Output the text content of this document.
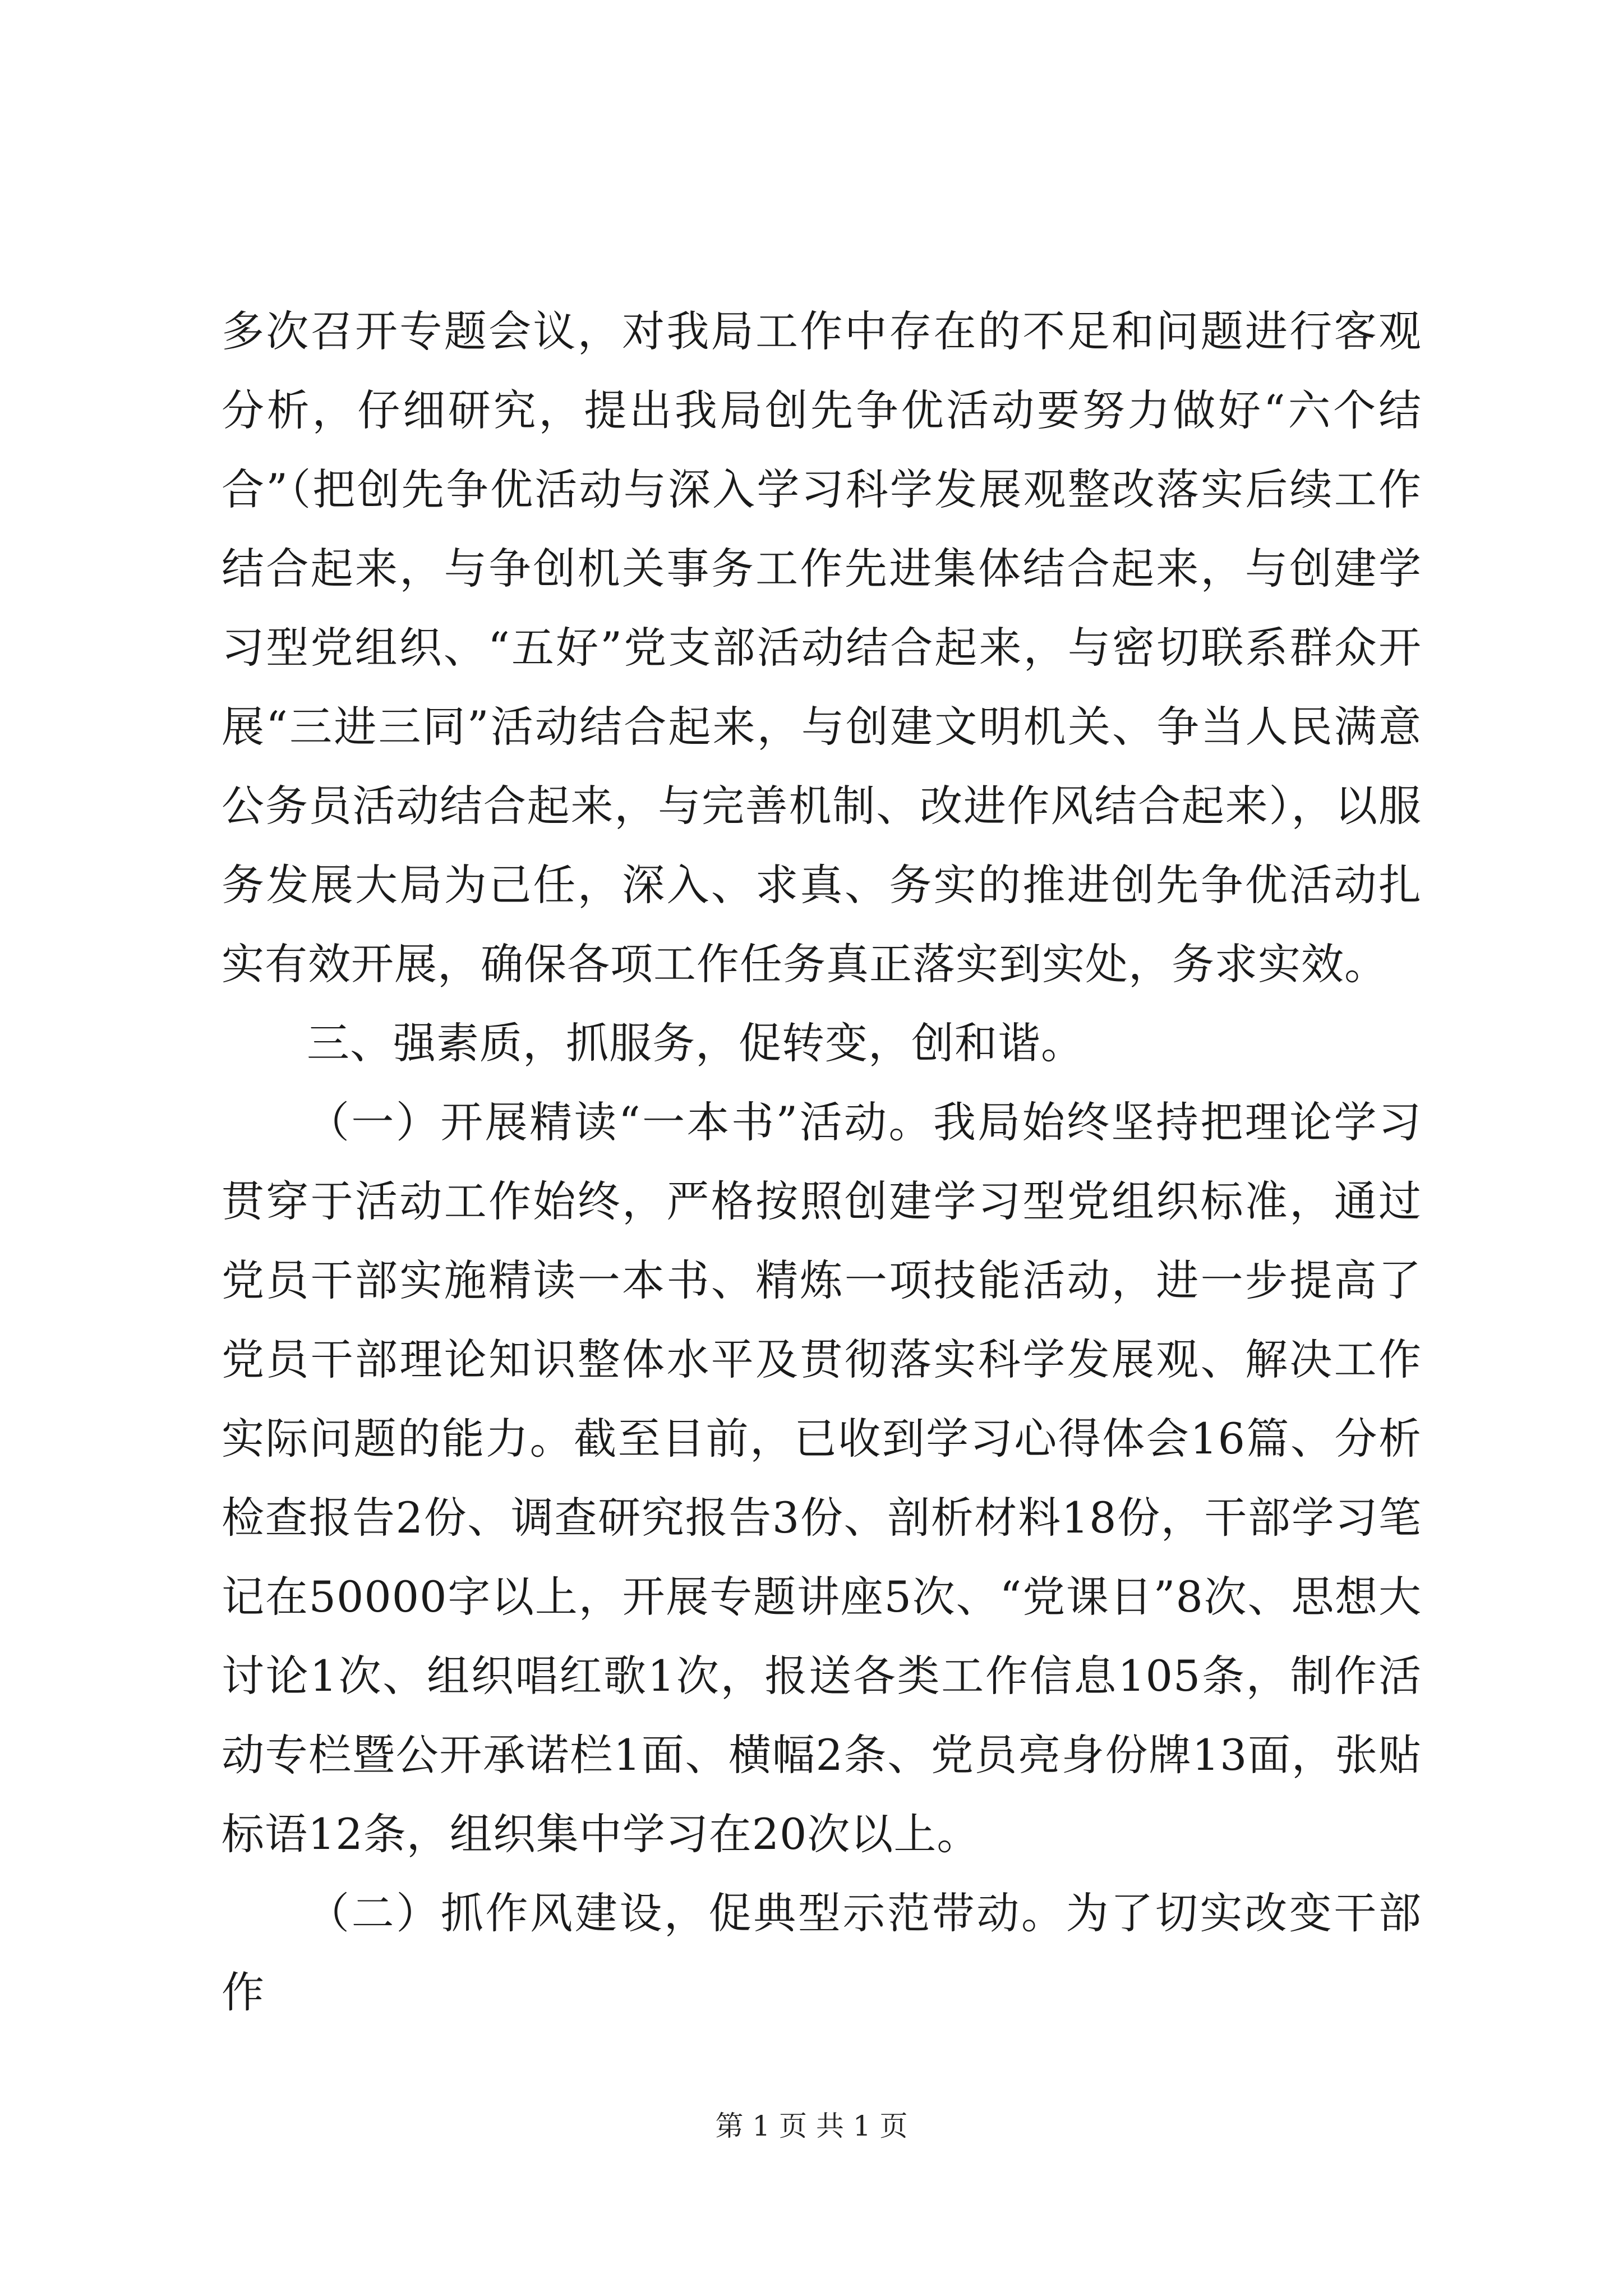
多次召开专题会议，对我局工作中存在的不足和问题进行客观分析，仔细研究，提出我局创先争优活动要努力做好“六个结合”（把创先争优活动与深入学习科学发展观整改落实后续工作结合起来，与争创机关事务工作先进集体结合起来，与创建学习型党组织、“五好”党支部活动结合起来，与密切联系群众开展“三进三同”活动结合起来，与创建文明机关、争当人民满意公务员活动结合起来，与完善机制、改进作风结合起来），以服务发展大局为己任，深入、求真、务实的推进创先争优活动扎实有效开展，确保各项工作任务真正落实到实处，务求实效。

三、强素质，抓服务，促转变，创和谐。

（一）开展精读“一本书”活动。我局始终坚持把理论学习贯穿于活动工作始终，严格按照创建学习型党组织标准，通过党员干部实施精读一本书、精炼一项技能活动，进一步提高了党员干部理论知识整体水平及贯彻落实科学发展观、解决工作实际问题的能力。截至目前，已收到学习心得体会16篇、分析检查报告2份、调查研究报告3份、剖析材料18份，干部学习笔记在50000字以上，开展专题讲座5次、“党课日”8次、思想大讨论1次、组织唱红歌1次，报送各类工作信息105条，制作活动专栏暨公开承诺栏1面、横幅2条、党员亮身份牌13面，张贴标语12条，组织集中学习在20次以上。

（二）抓作风建设，促典型示范带动。为了切实改变干部作

第 1 页 共 1 页
